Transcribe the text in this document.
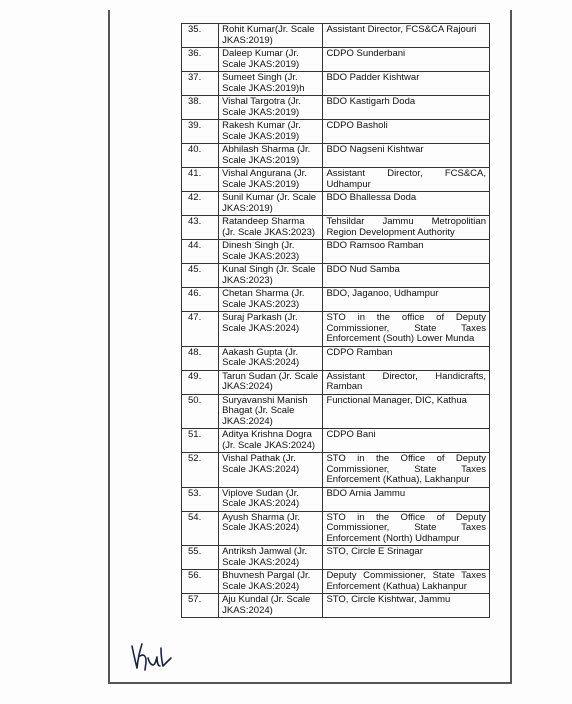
35.	Rohit Kumar(Jr. Scale JKAS:2019)	Assistant Director, FCS&CA Rajouri
36.	Daleep Kumar (Jr. Scale JKAS:2019)	CDPO Sunderbani
37.	Sumeet Singh (Jr. Scale JKAS:2019)h	BDO Padder Kishtwar
38.	Vishal Targotra (Jr. Scale JKAS:2019)	BDO Kastigarh Doda
39.	Rakesh Kumar (Jr. Scale JKAS:2019)	CDPO Basholi
40.	Abhilash Sharma (Jr. Scale JKAS:2019)	BDO Nagseni Kishtwar
41.	Vishal Angurana (Jr. Scale JKAS:2019)	Assistant Director, FCS&CA, Udhampur
42.	Sunil Kumar (Jr. Scale JKAS:2019)	BDO Bhallessa Doda
43.	Ratandeep Sharma (Jr. Scale JKAS:2023)	Tehsildar Jammu Metropolitian Region Development Authority
44.	Dinesh Singh (Jr. Scale JKAS:2023)	BDO Ramsoo Ramban
45.	Kunal Singh (Jr. Scale JKAS:2023)	BDO Nud Samba
46.	Chetan Sharma (Jr. Scale JKAS:2023)	BDO, Jaganoo, Udhampur
47.	Suraj Parkash (Jr. Scale JKAS:2024)	STO in the office of Deputy Commissioner, State Taxes Enforcement (South) Lower Munda
48.	Aakash Gupta (Jr. Scale JKAS:2024)	CDPO Ramban
49.	Tarun Sudan (Jr. Scale JKAS:2024)	Assistant Director, Handicrafts, Ramban
50.	Suryavanshi Manish Bhagat (Jr. Scale JKAS:2024)	Functional Manager, DIC, Kathua
51.	Aditya Krishna Dogra (Jr. Scale JKAS:2024)	CDPO Bani
52.	Vishal Pathak (Jr. Scale JKAS:2024)	STO in the Office of Deputy Commissioner, State Taxes Enforcement (Kathua), Lakhanpur
53.	Viplove Sudan (Jr. Scale JKAS:2024)	BDO Arnia Jammu
54.	Ayush Sharma (Jr. Scale JKAS:2024)	STO in the Office of Deputy Commissioner, State Taxes Enforcement (North) Udhampur
55.	Antriksh Jamwal (Jr. Scale JKAS:2024)	STO, Circle E Srinagar
56.	Bhuvnesh Pargal (Jr. Scale JKAS:2024)	Deputy Commissioner, State Taxes Enforcement (Kathua) Lakhanpur
57.	Aju Kundal (Jr. Scale JKAS:2024)	STO, Circle Kishtwar, Jammu
